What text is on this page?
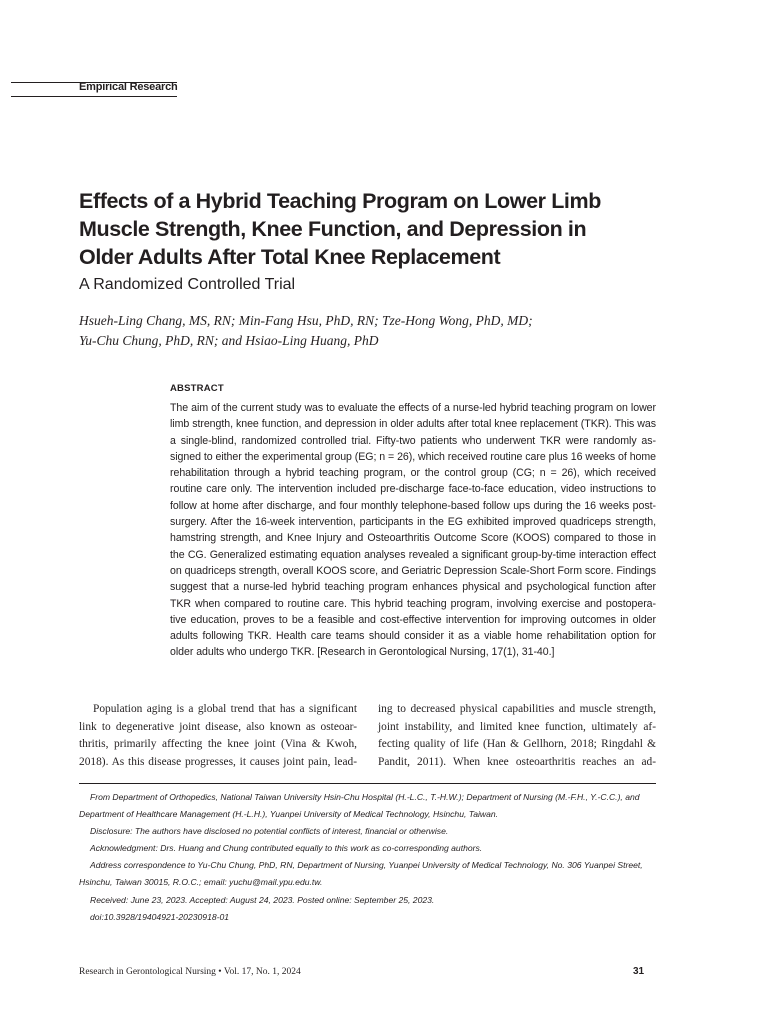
Empirical Research
Effects of a Hybrid Teaching Program on Lower Limb
Muscle Strength, Knee Function, and Depression in
Older Adults After Total Knee Replacement
A Randomized Controlled Trial
Hsueh-Ling Chang, MS, RN; Min-Fang Hsu, PhD, RN; Tze-Hong Wong, PhD, MD;
Yu-Chu Chung, PhD, RN; and Hsiao-Ling Huang, PhD
ABSTRACT
The aim of the current study was to evaluate the effects of a nurse-led hybrid teaching program on lower
limb strength, knee function, and depression in older adults after total knee replacement (TKR). This was
a single-blind, randomized controlled trial. Fifty-two patients who underwent TKR were randomly as-
signed to either the experimental group (EG; n = 26), which received routine care plus 16 weeks of home
rehabilitation through a hybrid teaching program, or the control group (CG; n = 26), which received
routine care only. The intervention included pre-discharge face-to-face education, video instructions to
follow at home after discharge, and four monthly telephone-based follow ups during the 16 weeks post-
surgery. After the 16-week intervention, participants in the EG exhibited improved quadriceps strength,
hamstring strength, and Knee Injury and Osteoarthritis Outcome Score (KOOS) compared to those in
the CG. Generalized estimating equation analyses revealed a significant group-by-time interaction effect
on quadriceps strength, overall KOOS score, and Geriatric Depression Scale-Short Form score. Findings
suggest that a nurse-led hybrid teaching program enhances physical and psychological function after
TKR when compared to routine care. This hybrid teaching program, involving exercise and postopera-
tive education, proves to be a feasible and cost-effective intervention for improving outcomes in older
adults following TKR. Health care teams should consider it as a viable home rehabilitation option for
older adults who undergo TKR. [Research in Gerontological Nursing, 17(1), 31-40.]
Population aging is a global trend that has a significant
link to degenerative joint disease, also known as osteoar-
thritis, primarily affecting the knee joint (Vina & Kwoh,
2018). As this disease progresses, it causes joint pain, lead-
ing to decreased physical capabilities and muscle strength,
joint instability, and limited knee function, ultimately af-
fecting quality of life (Han & Gellhorn, 2018; Ringdahl &
Pandit, 2011). When knee osteoarthritis reaches an ad-
From Department of Orthopedics, National Taiwan University Hsin-Chu Hospital (H.-L.C., T.-H.W.); Department of Nursing (M.-F.H., Y.-C.C.), and
Department of Healthcare Management (H.-L.H.), Yuanpei University of Medical Technology, Hsinchu, Taiwan.
Disclosure: The authors have disclosed no potential conflicts of interest, financial or otherwise.
Acknowledgment: Drs. Huang and Chung contributed equally to this work as co-corresponding authors.
Address correspondence to Yu-Chu Chung, PhD, RN, Department of Nursing, Yuanpei University of Medical Technology, No. 306 Yuanpei Street,
Hsinchu, Taiwan 30015, R.O.C.; email: yuchu@mail.ypu.edu.tw.
Received: June 23, 2023. Accepted: August 24, 2023. Posted online: September 25, 2023.
doi:10.3928/19404921-20230918-01
Research in Gerontological Nursing • Vol. 17, No. 1, 2024	31
